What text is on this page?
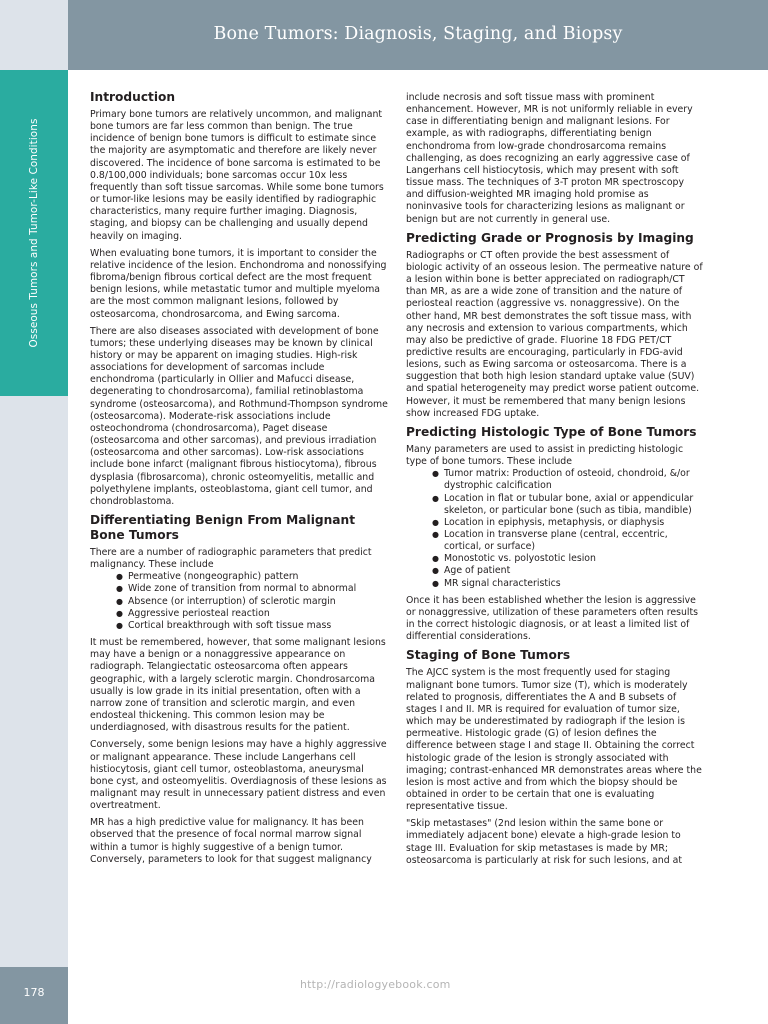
Bone Tumors: Diagnosis, Staging, and Biopsy
Osseous Tumors and Tumor-Like Conditions
178
Introduction

Primary bone tumors are relatively uncommon, and malignant bone tumors are far less common than benign. The true incidence of benign bone tumors is difficult to estimate since the majority are asymptomatic and therefore are likely never discovered. The incidence of bone sarcoma is estimated to be 0.8/100,000 individuals; bone sarcomas occur 10x less frequently than soft tissue sarcomas. While some bone tumors or tumor-like lesions may be easily identified by radiographic characteristics, many require further imaging. Diagnosis, staging, and biopsy can be challenging and usually depend heavily on imaging.

When evaluating bone tumors, it is important to consider the relative incidence of the lesion. Enchondroma and nonossifying fibroma/benign fibrous cortical defect are the most frequent benign lesions, while metastatic tumor and multiple myeloma are the most common malignant lesions, followed by osteosarcoma, chondrosarcoma, and Ewing sarcoma.

There are also diseases associated with development of bone tumors; these underlying diseases may be known by clinical history or may be apparent on imaging studies. High-risk associations for development of sarcomas include enchondroma (particularly in Ollier and Mafucci disease, degenerating to chondrosarcoma), familial retinoblastoma syndrome (osteosarcoma), and Rothmund-Thompson syndrome (osteosarcoma). Moderate-risk associations include osteochondroma (chondrosarcoma), Paget disease (osteosarcoma and other sarcomas), and previous irradiation (osteosarcoma and other sarcomas). Low-risk associations include bone infarct (malignant fibrous histiocytoma), fibrous dysplasia (fibrosarcoma), chronic osteomyelitis, metallic and polyethylene implants, osteoblastoma, giant cell tumor, and chondroblastoma.

Differentiating Benign From Malignant Bone Tumors

There are a number of radiographic parameters that predict malignancy. These include

● Permeative (nongeographic) pattern
● Wide zone of transition from normal to abnormal
● Absence (or interruption) of sclerotic margin
● Aggressive periosteal reaction
● Cortical breakthrough with soft tissue mass

It must be remembered, however, that some malignant lesions may have a benign or a nonaggressive appearance on radiograph. Telangiectatic osteosarcoma often appears geographic, with a largely sclerotic margin. Chondrosarcoma usually is low grade in its initial presentation, often with a narrow zone of transition and sclerotic margin, and even endosteal thickening. This common lesion may be underdiagnosed, with disastrous results for the patient.

Conversely, some benign lesions may have a highly aggressive or malignant appearance. These include Langerhans cell histiocytosis, giant cell tumor, osteoblastoma, aneurysmal bone cyst, and osteomyelitis. Overdiagnosis of these lesions as malignant may result in unnecessary patient distress and even overtreatment.

MR has a high predictive value for malignancy. It has been observed that the presence of focal normal marrow signal within a tumor is highly suggestive of a benign tumor. Conversely, parameters to look for that suggest malignancy

include necrosis and soft tissue mass with prominent enhancement. However, MR is not uniformly reliable in every case in differentiating benign and malignant lesions. For example, as with radiographs, differentiating benign enchondroma from low-grade chondrosarcoma remains challenging, as does recognizing an early aggressive case of Langerhans cell histiocytosis, which may present with soft tissue mass. The techniques of 3-T proton MR spectroscopy and diffusion-weighted MR imaging hold promise as noninvasive tools for characterizing lesions as malignant or benign but are not currently in general use.

Predicting Grade or Prognosis by Imaging

Radiographs or CT often provide the best assessment of biologic activity of an osseous lesion. The permeative nature of a lesion within bone is better appreciated on radiograph/CT than MR, as are a wide zone of transition and the nature of periosteal reaction (aggressive vs. nonaggressive). On the other hand, MR best demonstrates the soft tissue mass, with any necrosis and extension to various compartments, which may also be predictive of grade. Fluorine 18 FDG PET/CT predictive results are encouraging, particularly in FDG-avid lesions, such as Ewing sarcoma or osteosarcoma. There is a suggestion that both high lesion standard uptake value (SUV) and spatial heterogeneity may predict worse patient outcome. However, it must be remembered that many benign lesions show increased FDG uptake.

Predicting Histologic Type of Bone Tumors

Many parameters are used to assist in predicting histologic type of bone tumors. These include

● Tumor matrix: Production of osteoid, chondroid, &/or dystrophic calcification
● Location in flat or tubular bone, axial or appendicular skeleton, or particular bone (such as tibia, mandible)
● Location in epiphysis, metaphysis, or diaphysis
● Location in transverse plane (central, eccentric, cortical, or surface)
● Monostotic vs. polyostotic lesion
● Age of patient
● MR signal characteristics

Once it has been established whether the lesion is aggressive or nonaggressive, utilization of these parameters often results in the correct histologic diagnosis, or at least a limited list of differential considerations.

Staging of Bone Tumors

The AJCC system is the most frequently used for staging malignant bone tumors. Tumor size (T), which is moderately related to prognosis, differentiates the A and B subsets of stages I and II. MR is required for evaluation of tumor size, which may be underestimated by radiograph if the lesion is permeative. Histologic grade (G) of lesion defines the difference between stage I and stage II. Obtaining the correct histologic grade of the lesion is strongly associated with imaging; contrast-enhanced MR demonstrates areas where the lesion is most active and from which the biopsy should be obtained in order to be certain that one is evaluating representative tissue.

"Skip metastases" (2nd lesion within the same bone or immediately adjacent bone) elevate a high-grade lesion to stage III. Evaluation for skip metastases is made by MR; osteosarcoma is particularly at risk for such lesions, and at

http://radiologyebook.com
